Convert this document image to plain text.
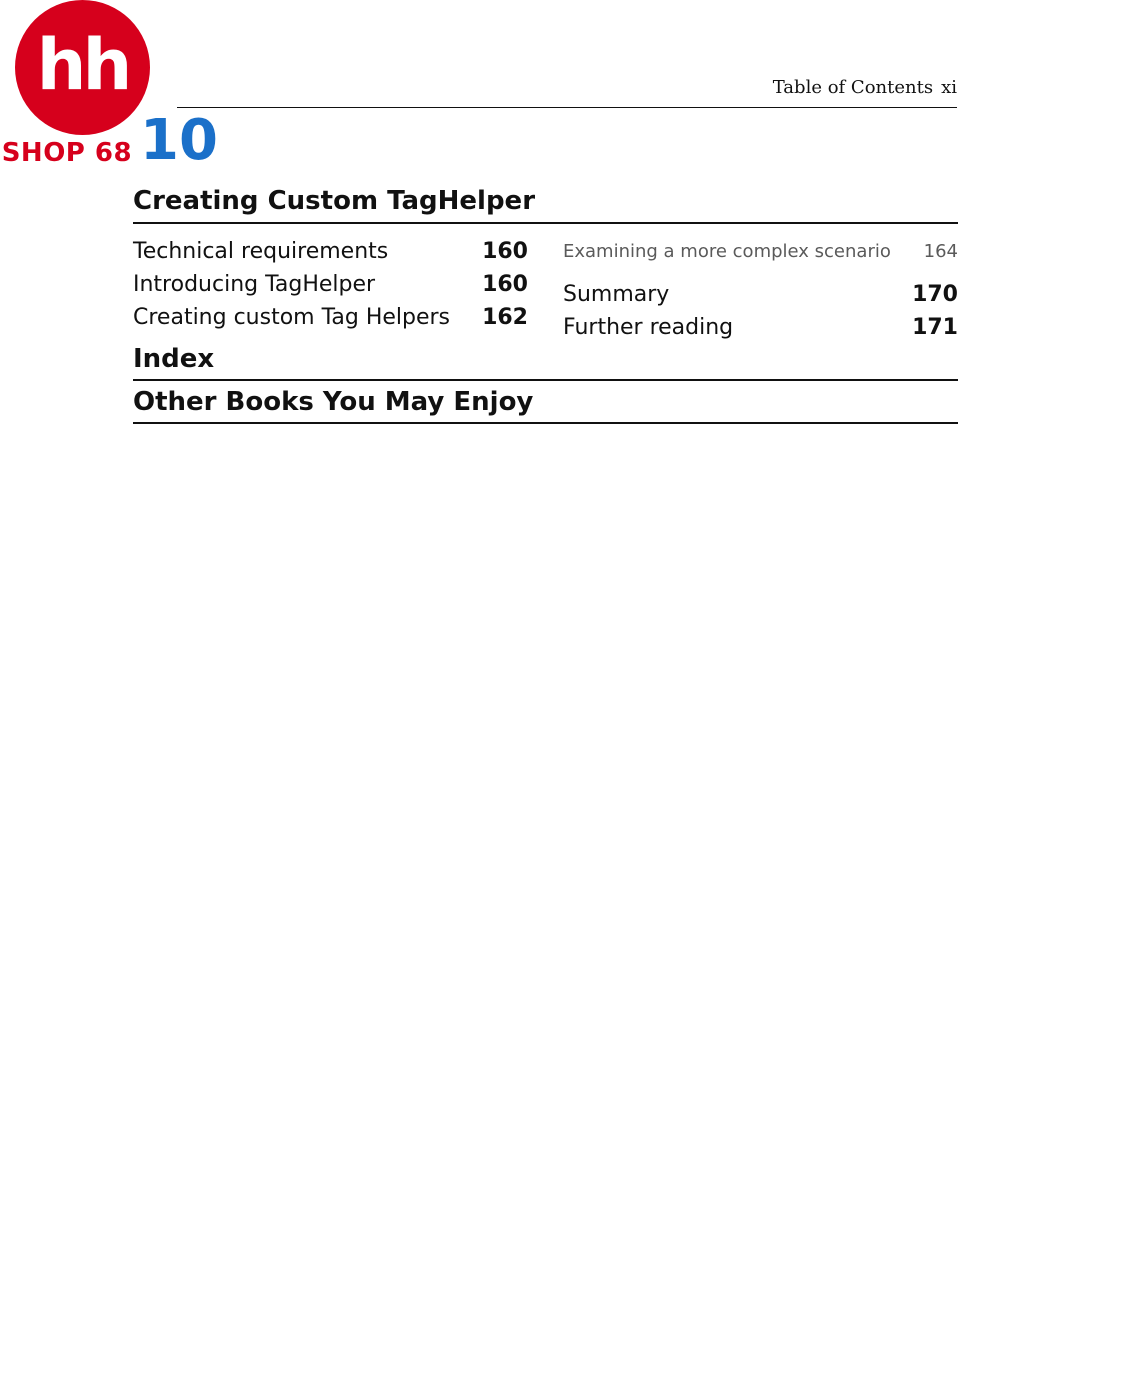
hh
 SHOP 68 10
Table of Contents xi
Creating Custom TagHelper
Technical requirements	160
Introducing TagHelper	160
Creating custom Tag Helpers 162
Examining a more complex scenario 164
Summary	170
Further reading	171
Index
Other Books You May Enjoy
